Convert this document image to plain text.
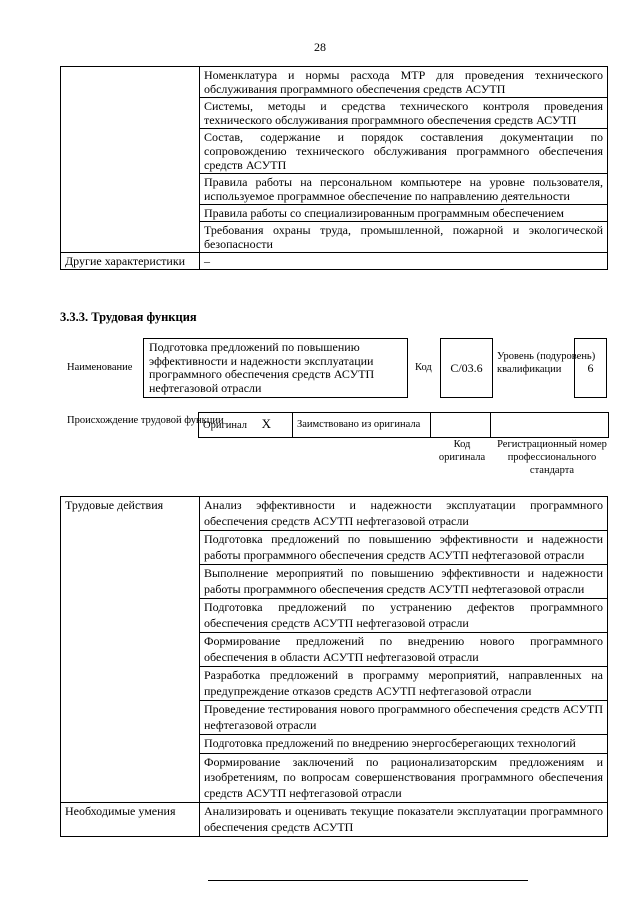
28
	Номенклатура и нормы расхода МТР для проведения технического обслуживания программного обеспечения средств АСУТП
	Системы, методы и средства технического контроля проведения технического обслуживания программного обеспечения средств АСУТП
	Состав, содержание и порядок составления документации по сопровождению технического обслуживания программного обеспечения средств АСУТП
	Правила работы на персональном компьютере на уровне пользователя, используемое программное обеспечение по направлению деятельности
	Правила работы со специализированным программным обеспечением
	Требования охраны труда, промышленной, пожарной и экологической безопасности
Другие характеристики	–
3.3.3. Трудовая функция
Наименование
Подготовка предложений по повышению эффективности и надежности эксплуатации программного обеспечения средств АСУТП нефтегазовой отрасли
Код	С/03.6
Уровень (подуровень) квалификации	6
Происхождение трудовой функции
Оригинал X	Заимствовано из оригинала		
Код оригинала
Регистрационный номер профессионального стандарта
Трудовые действия	Анализ эффективности и надежности эксплуатации программного обеспечения средств АСУТП нефтегазовой отрасли
	Подготовка предложений по повышению эффективности и надежности работы программного обеспечения средств АСУТП нефтегазовой отрасли
	Выполнение мероприятий по повышению эффективности и надежности работы программного обеспечения средств АСУТП нефтегазовой отрасли
	Подготовка предложений по устранению дефектов программного обеспечения средств АСУТП нефтегазовой отрасли
	Формирование предложений по внедрению нового программного обеспечения в области АСУТП нефтегазовой отрасли
	Разработка предложений в программу мероприятий, направленных на предупреждение отказов средств АСУТП нефтегазовой отрасли
	Проведение тестирования нового программного обеспечения средств АСУТП нефтегазовой отрасли
	Подготовка предложений по внедрению энергосберегающих технологий
	Формирование заключений по рационализаторским предложениям и изобретениям, по вопросам совершенствования программного обеспечения средств АСУТП нефтегазовой отрасли
Необходимые умения	Анализировать и оценивать текущие показатели эксплуатации программного обеспечения средств АСУТП
